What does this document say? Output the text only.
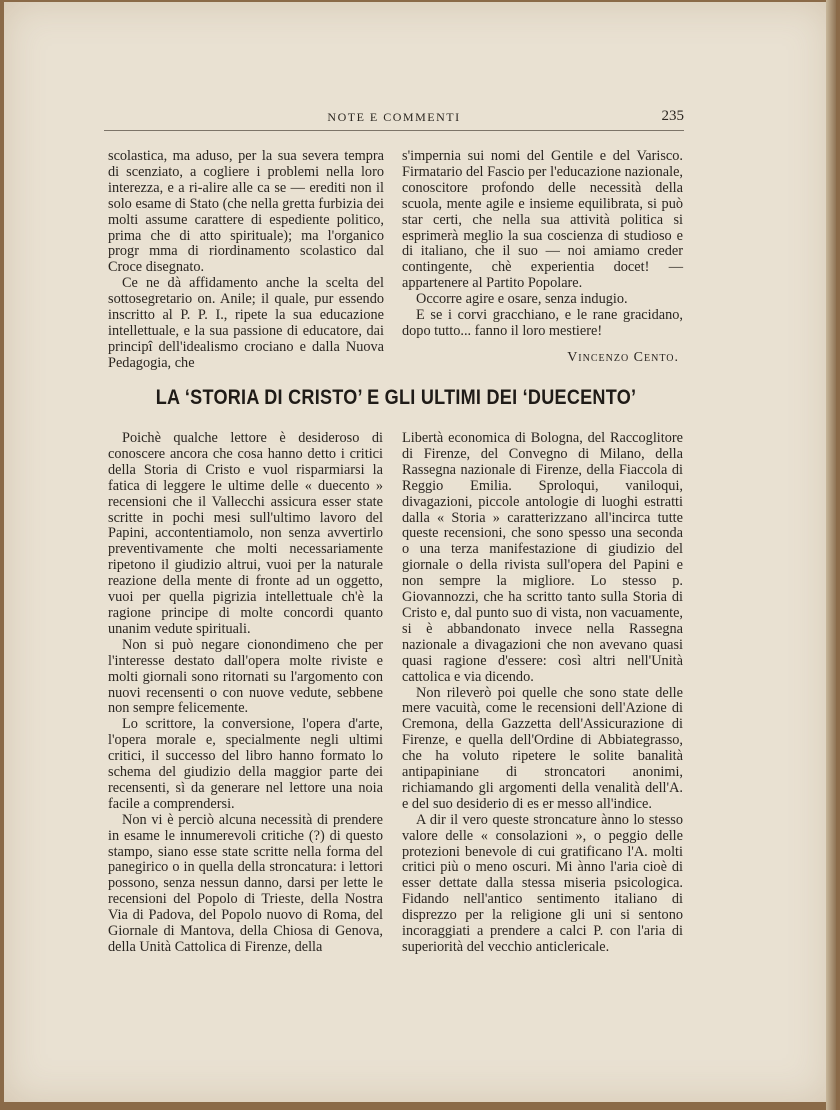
NOTE E COMMENTI	235

scolastica, ma aduso, per la sua severa tempra di scenziato, a cogliere i problemi nella loro interezza, e a ri-alire alle ca se — erediti non il solo esame di Stato (che nella gretta furbizia dei molti assume carattere di espediente politico, prima che di atto spirituale); ma l'organico progr mma di riordinamento scolastico dal Croce disegnato.

Ce ne dà affidamento anche la scelta del sottosegretario on. Anile; il quale, pur essendo inscritto al P. P. I., ripete la sua educazione intellettuale, e la sua passione di educatore, dai principî dell'idealismo crociano e dalla Nuova Pedagogia, che

s'impernia sui nomi del Gentile e del Varisco. Firmatario del Fascio per l'educazione nazionale, conoscitore profondo delle necessità della scuola, mente agile e insieme equilibrata, si può star certi, che nella sua attività politica si esprimerà meglio la sua coscienza di studioso e di italiano, che il suo — noi amiamo creder contingente, chè experientia docet! — appartenere al Partito Popolare.

Occorre agire e osare, senza indugio.

E se i corvi gracchiano, e le rane gracidano, dopo tutto... fanno il loro mestiere!

Vincenzo Cento.
LA ‘STORIA DI CRISTO’ E GLI ULTIMI DEI ‘DUECENTO’

Poichè qualche lettore è desideroso di conoscere ancora che cosa hanno detto i critici della Storia di Cristo e vuol risparmiarsi la fatica di leggere le ultime delle « duecento » recensioni che il Vallecchi assicura esser state scritte in pochi mesi sull'ultimo lavoro del Papini, accontentiamolo, non senza avvertirlo preventivamente che molti necessariamente ripetono il giudizio altrui, vuoi per la naturale reazione della mente di fronte ad un oggetto, vuoi per quella pigrizia intellettuale ch'è la ragione principe di molte concordi quanto unanim vedute spirituali.

Non si può negare cionondimeno che per l'interesse destato dall'opera molte riviste e molti giornali sono ritornati su l'argomento con nuovi recensenti o con nuove vedute, sebbene non sempre felicemente.

Lo scrittore, la conversione, l'opera d'arte, l'opera morale e, specialmente negli ultimi critici, il successo del libro hanno formato lo schema del giudizio della maggior parte dei recensenti, sì da generare nel lettore una noia facile a comprendersi.

Non vi è perciò alcuna necessità di prendere in esame le innumerevoli critiche (?) di questo stampo, siano esse state scritte nella forma del panegirico o in quella della stroncatura: i lettori possono, senza nessun danno, darsi per lette le recensioni del Popolo di Trieste, della Nostra Via di Padova, del Popolo nuovo di Roma, del Giornale di Mantova, della Chiosa di Genova, della Unità Cattolica di Firenze, della

Libertà economica di Bologna, del Raccoglitore di Firenze, del Convegno di Milano, della Rassegna nazionale di Firenze, della Fiaccola di Reggio Emilia. Sproloqui, vaniloqui, divagazioni, piccole antologie di luoghi estratti dalla « Storia » caratterizzano all'incirca tutte queste recensioni, che sono spesso una seconda o una terza manifestazione di giudizio del giornale o della rivista sull'opera del Papini e non sempre la migliore. Lo stesso p. Giovannozzi, che ha scritto tanto sulla Storia di Cristo e, dal punto suo di vista, non vacuamente, si è abbandonato invece nella Rassegna nazionale a divagazioni che non avevano quasi quasi ragione d'essere: così altri nell'Unità cattolica e via dicendo.

Non rileverò poi quelle che sono state delle mere vacuità, come le recensioni dell'Azione di Cremona, della Gazzetta dell'Assicurazione di Firenze, e quella dell'Ordine di Abbiategrasso, che ha voluto ripetere le solite banalità antipapiniane di stroncatori anonimi, richiamando gli argomenti della venalità dell'A. e del suo desiderio di es er messo all'indice.

A dir il vero queste stroncature ànno lo stesso valore delle « consolazioni », o peggio delle protezioni benevole di cui gratificano l'A. molti critici più o meno oscuri. Mi ànno l'aria cioè di esser dettate dalla stessa miseria psicologica. Fidando nell'antico sentimento italiano di disprezzo per la religione gli uni si sentono incoraggiati a prendere a calci P. con l'aria di superiorità del vecchio anticlericale.
